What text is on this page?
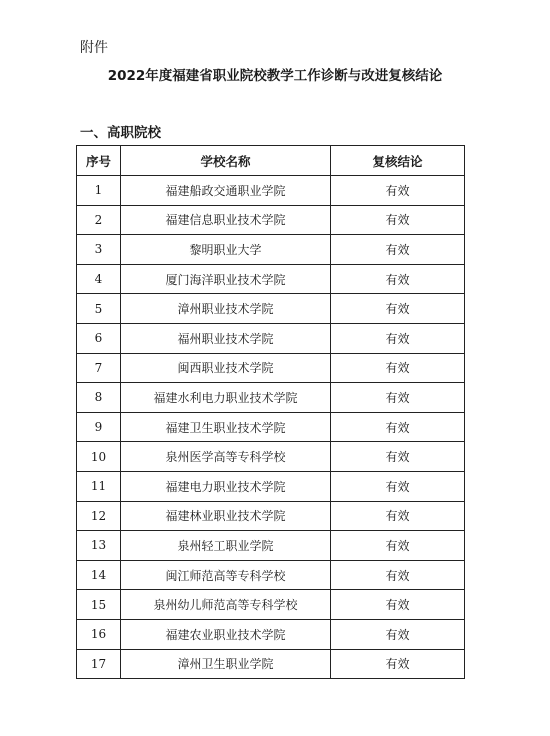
附件
2022年度福建省职业院校教学工作诊断与改进复核结论
一、高职院校
序号	学校名称	复核结论
1	福建船政交通职业学院	有效
2	福建信息职业技术学院	有效
3	黎明职业大学	有效
4	厦门海洋职业技术学院	有效
5	漳州职业技术学院	有效
6	福州职业技术学院	有效
7	闽西职业技术学院	有效
8	福建水利电力职业技术学院	有效
9	福建卫生职业技术学院	有效
10	泉州医学高等专科学校	有效
11	福建电力职业技术学院	有效
12	福建林业职业技术学院	有效
13	泉州轻工职业学院	有效
14	闽江师范高等专科学校	有效
15	泉州幼儿师范高等专科学校	有效
16	福建农业职业技术学院	有效
17	漳州卫生职业学院	有效
